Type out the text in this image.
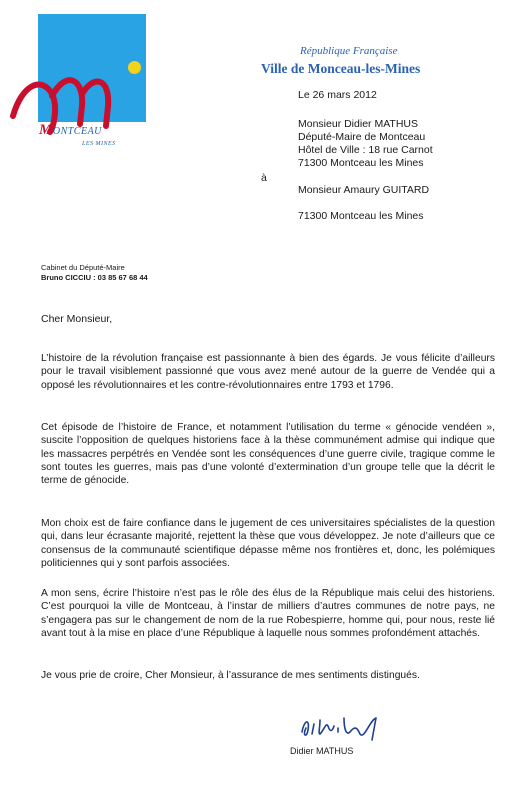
MONTCEAU
LES MINES
République Française
Ville de Monceau-les-Mines
Le 26 mars 2012
Monsieur Didier MATHUS
Député-Maire de Montceau
Hôtel de Ville : 18 rue Carnot
71300 Montceau les Mines
à
Monsieur Amaury GUITARD
71300 Montceau les Mines
Cabinet du Député-Maire
Bruno CICCIU : 03 85 67 68 44
Cher Monsieur,
L’histoire de la révolution française est passionnante à bien des égards. Je vous félicite d’ailleurs pour le travail visiblement passionné que vous avez mené autour de la guerre de Vendée qui a opposé les révolutionnaires et les contre-révolutionnaires entre 1793 et 1796.
Cet épisode de l’histoire de France, et notamment l’utilisation du terme « génocide vendéen », suscite l’opposition de quelques historiens face à la thèse communément admise qui indique que les massacres perpétrés en Vendée sont les conséquences d’une guerre civile, tragique comme le sont toutes les guerres, mais pas d’une volonté d’extermination d’un groupe telle que la décrit le terme de génocide.
Mon choix est de faire confiance dans le jugement de ces universitaires spécialistes de la question qui, dans leur écrasante majorité, rejettent la thèse que vous développez. Je note d’ailleurs que ce consensus de la communauté scientifique dépasse même nos frontières et, donc, les polémiques politiciennes qui y sont parfois associées.
A mon sens, écrire l’histoire n’est pas le rôle des élus de la République mais celui des historiens. C’est pourquoi la ville de Montceau, à l’instar de milliers d’autres communes de notre pays, ne s’engagera pas sur le changement de nom de la rue Robespierre, homme qui, pour nous, reste lié avant tout à la mise en place d’une République à laquelle nous sommes profondément attachés.
Je vous prie de croire, Cher Monsieur, à l’assurance de mes sentiments distingués.
Didier MATHUS
